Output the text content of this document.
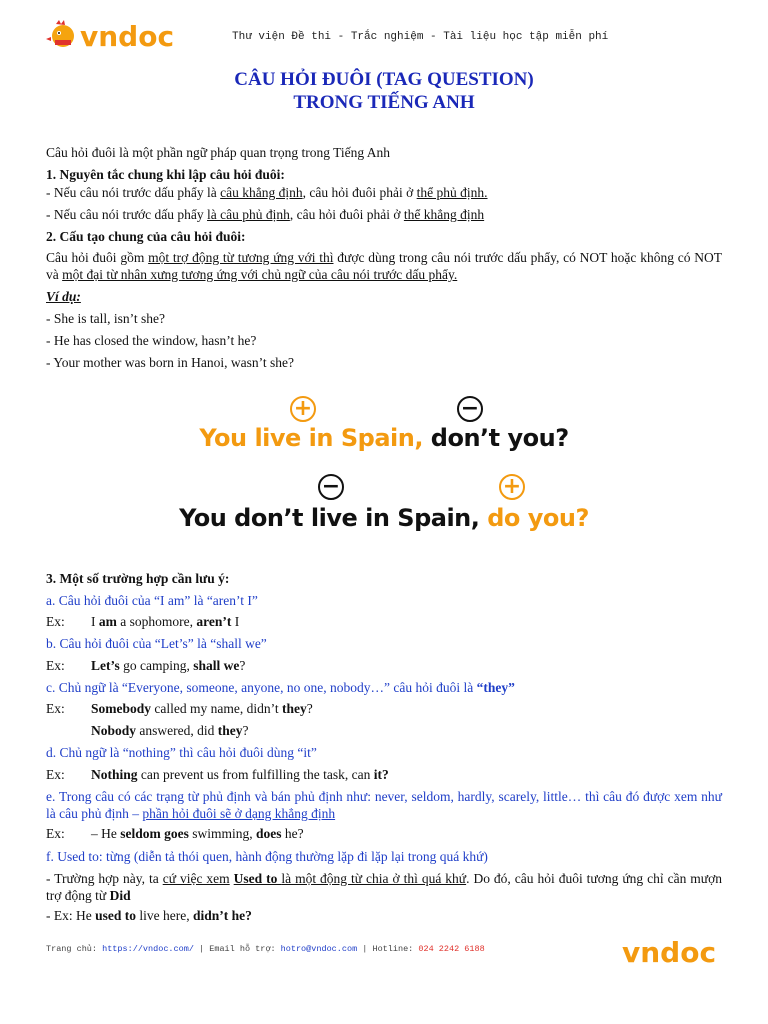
vndoc	Thư viện Đề thi - Trắc nghiệm - Tài liệu học tập miễn phí
CÂU HỎI ĐUÔI (TAG QUESTION)
TRONG TIẾNG ANH
Câu hỏi đuôi là một phần ngữ pháp quan trọng trong Tiếng Anh
1. Nguyên tắc chung khi lập câu hỏi đuôi:
- Nếu câu nói trước dấu phẩy là câu khẳng định, câu hỏi đuôi phải ở thể phủ định.
- Nếu câu nói trước dấu phẩy là câu phủ định, câu hỏi đuôi phải ở thể khẳng định
2. Cấu tạo chung của câu hỏi đuôi:
Câu hỏi đuôi gồm một trợ động từ tương ứng với thì được dùng trong câu nói trước dấu phẩy, có NOT hoặc không có NOT và một đại từ nhân xưng tương ứng với chủ ngữ của câu nói trước dấu phẩy.
Ví dụ:
- She is tall, isn’t she?
- He has closed the window, hasn’t he?
- Your mother was born in Hanoi, wasn’t she?
+	−
You live in Spain, don’t you?
−	+
You don’t live in Spain, do you?
3. Một số trường hợp cần lưu ý:
a. Câu hỏi đuôi của “I am” là “aren’t I”
Ex: I am a sophomore, aren’t I
b. Câu hỏi đuôi của “Let’s” là “shall we”
Ex: Let’s go camping, shall we?
c. Chủ ngữ là “Everyone, someone, anyone, no one, nobody…” câu hỏi đuôi là “they”
Ex: Somebody called my name, didn’t they?
Nobody answered, did they?
d. Chủ ngữ là “nothing” thì câu hỏi đuôi dùng “it”
Ex: Nothing can prevent us from fulfilling the task, can it?
e. Trong câu có các trạng từ phủ định và bán phủ định như: never, seldom, hardly, scarely, little… thì câu đó được xem như là câu phủ định – phần hỏi đuôi sẽ ở dạng khẳng định
Ex: – He seldom goes swimming, does he?
f. Used to: từng (diễn tả thói quen, hành động thường lặp đi lặp lại trong quá khứ)
- Trường hợp này, ta cứ việc xem Used to là một động từ chia ở thì quá khứ. Do đó, câu hỏi đuôi tương ứng chỉ cần mượn trợ động từ Did
- Ex: He used to live here, didn’t he?
Trang chủ: https://vndoc.com/ | Email hỗ trợ: hotro@vndoc.com | Hotline: 024 2242 6188	vndoc
